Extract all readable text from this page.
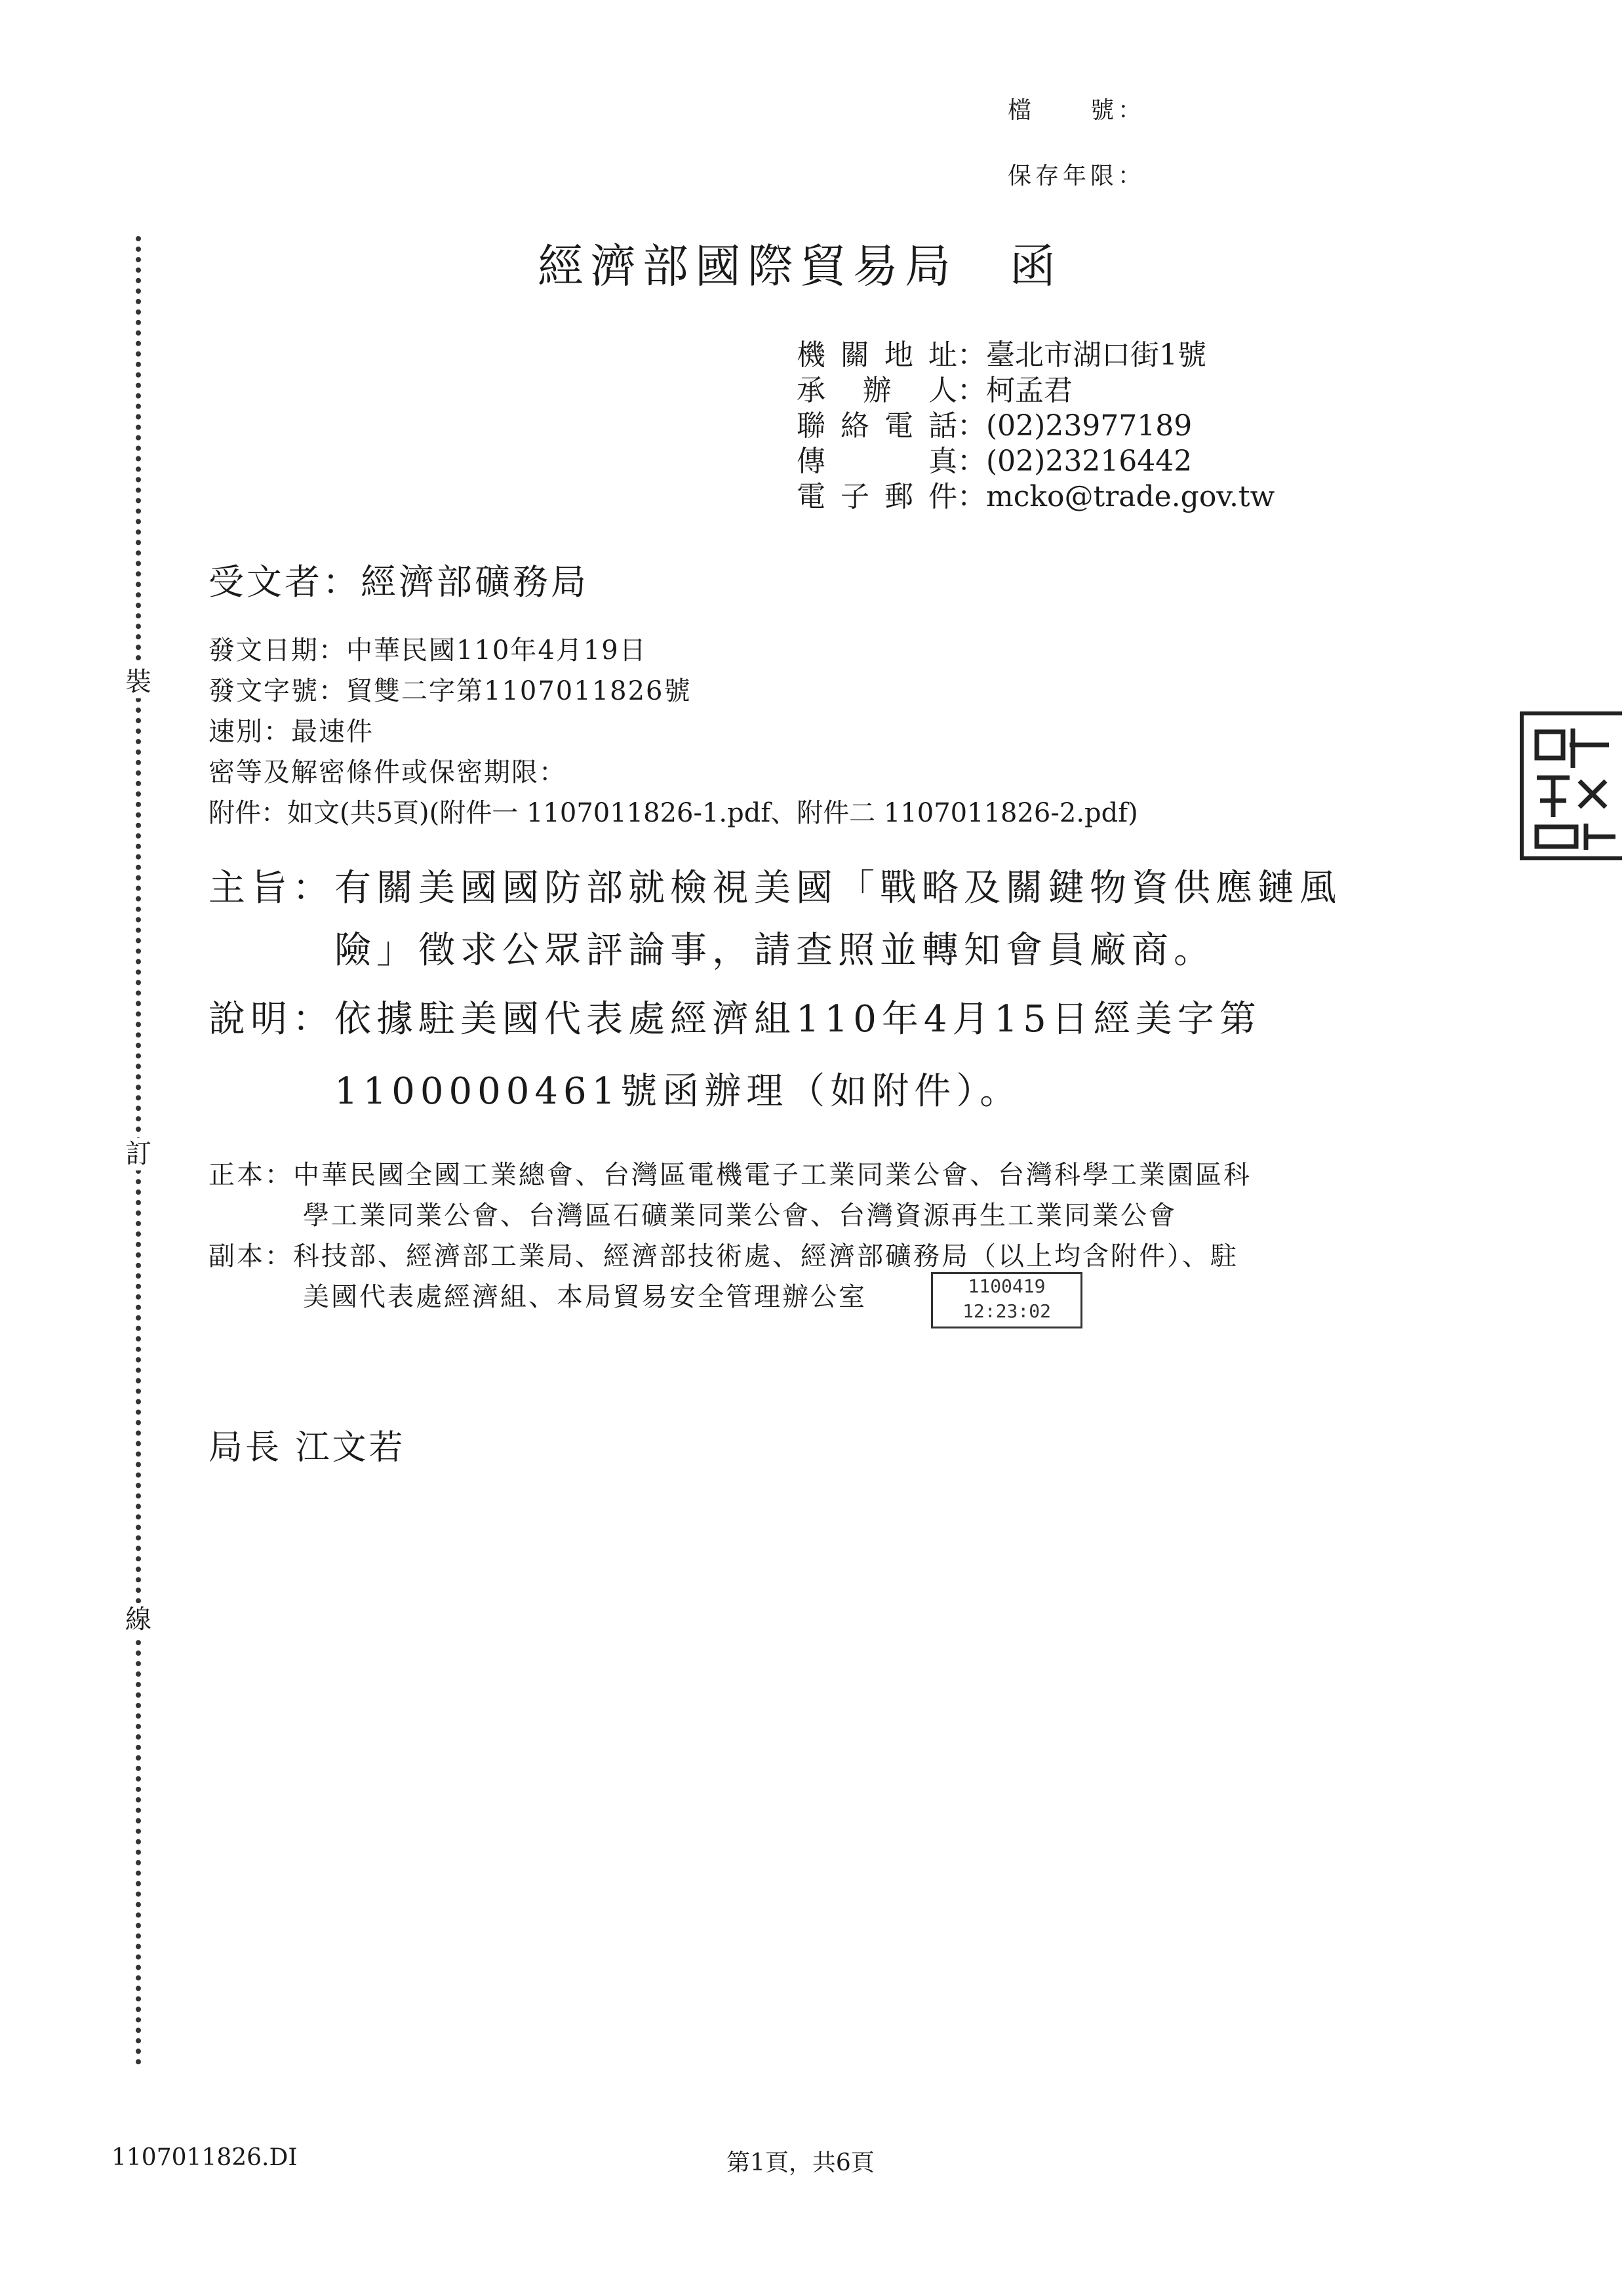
裝
訂
線
檔　　號：
保存年限：
經濟部國際貿易局　函
機關地址：臺北市湖口街1號
承辦人：柯孟君
聯絡電話：(02)23977189
傳真：(02)23216442
電子郵件：mcko@trade.gov.tw
受文者：經濟部礦務局
發文日期：中華民國110年4月19日
發文字號：貿雙二字第1107011826號
速別：最速件
密等及解密條件或保密期限：
附件：如文(共5頁)(附件一 1107011826-1.pdf、附件二 1107011826-2.pdf)
主旨：有關美國國防部就檢視美國「戰略及關鍵物資供應鏈風
險」徵求公眾評論事，請查照並轉知會員廠商。
說明：依據駐美國代表處經濟組110年4月15日經美字第
1100000461號函辦理（如附件）。
正本：中華民國全國工業總會、台灣區電機電子工業同業公會、台灣科學工業園區科
學工業同業公會、台灣區石礦業同業公會、台灣資源再生工業同業公會
副本：科技部、經濟部工業局、經濟部技術處、經濟部礦務局（以上均含附件）、駐
美國代表處經濟組、本局貿易安全管理辦公室	1100419
12:23:02
局長 江文若
1107011826.DI	第1頁，共6頁
